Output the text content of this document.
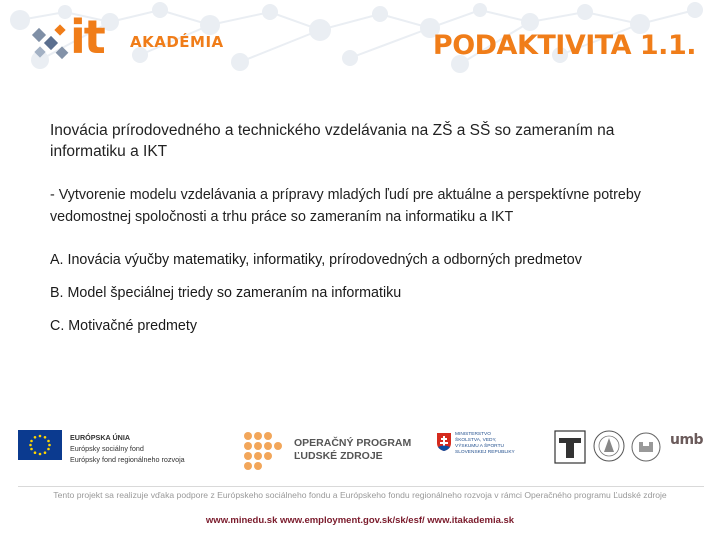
it AKADÉMIA	PODAKTIVITA 1.1.

Inovácia prírodovedného a technického vzdelávania na ZŠ a SŠ so zameraním na informatiku a IKT

- Vytvorenie modelu vzdelávania a prípravy mladých ľudí pre aktuálne a perspektívne potreby vedomostnej spoločnosti a trhu práce so zameraním na informatiku a IKT

A. Inovácia výučby matematiky, informatiky, prírodovedných a odborných predmetov

B. Model špeciálnej triedy so zameraním na informatiku

C. Motivačné predmety

EURÓPSKA ÚNIA
Európsky sociálny fond
Európsky fond regionálneho rozvoja
OPERAČNÝ PROGRAM
ĽUDSKÉ ZDROJE
MINISTERSTVO
ŠKOLSTVA, VEDY,
VÝSKUMU A ŠPORTU
SLOVENSKEJ REPUBLIKY
umb
Tento projekt sa realizuje vďaka podpore z Európskeho sociálneho fondu a Európskeho fondu regionálneho rozvoja v rámci Operačného programu Ľudské zdroje
www.minedu.sk www.employment.gov.sk/sk/esf/ www.itakademia.sk
